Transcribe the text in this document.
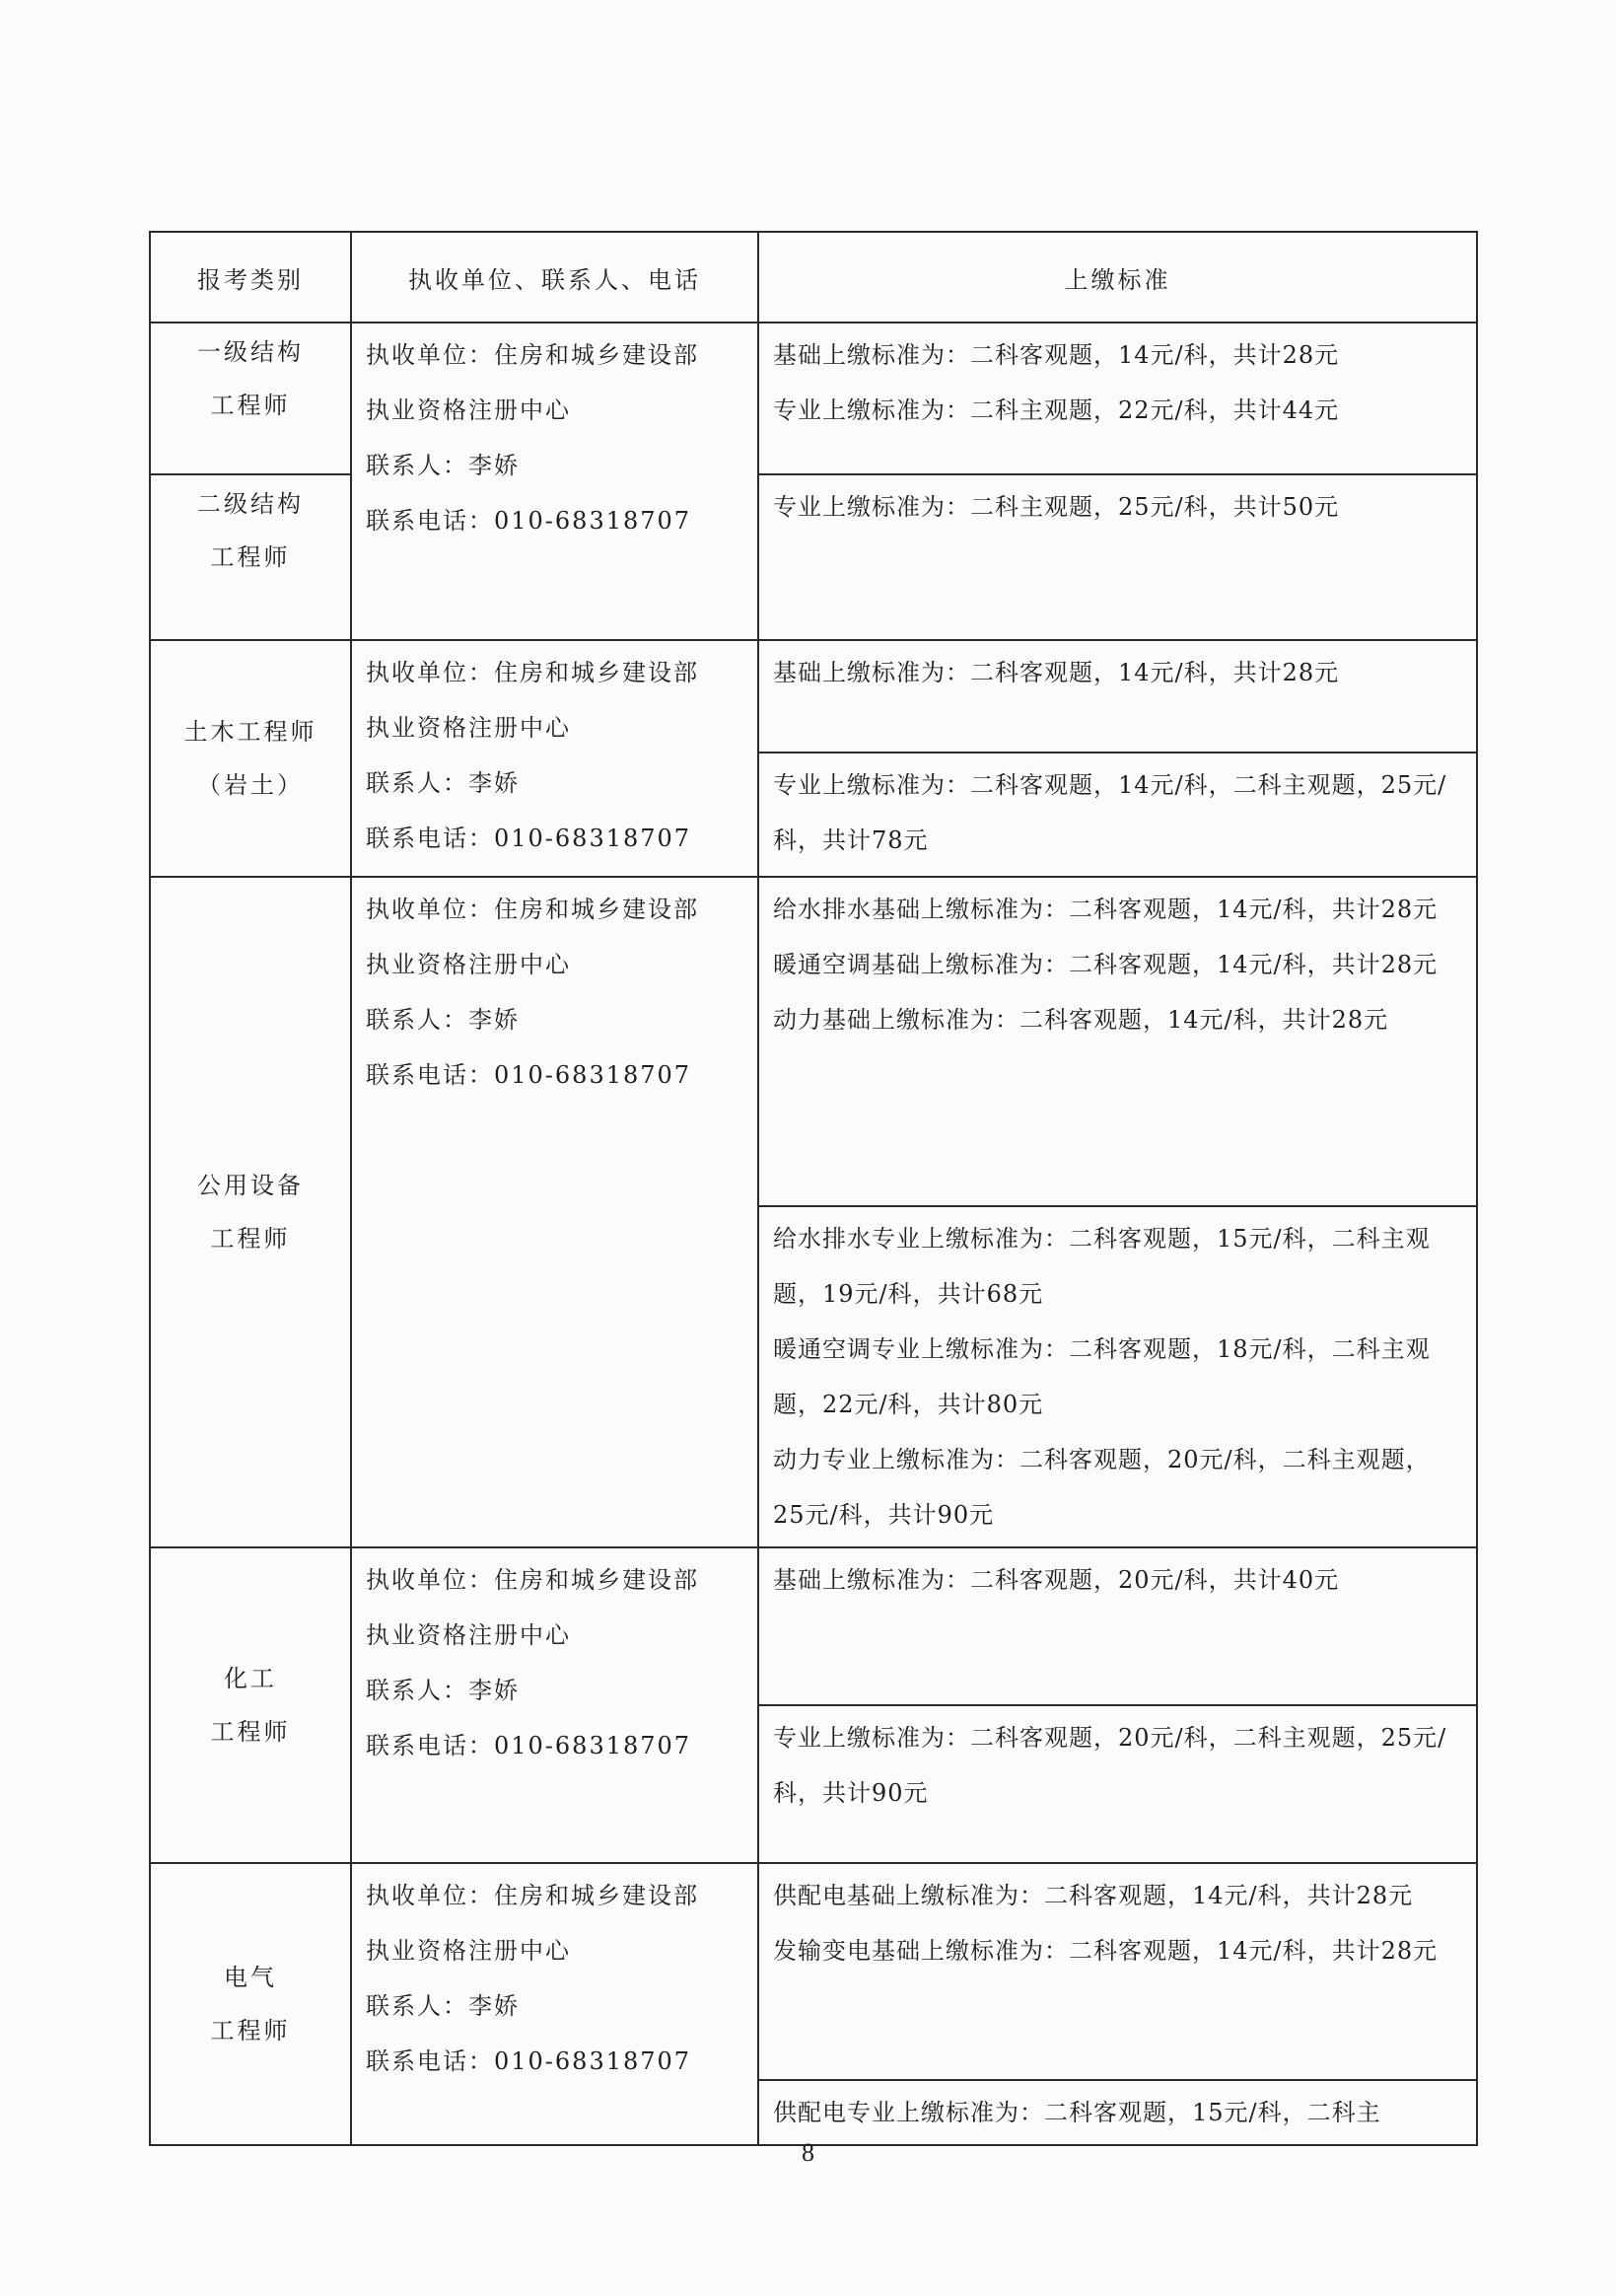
报考类别	执收单位、联系人、电话	上缴标准

一级结构
工程师	执收单位：住房和城乡建设部
执业资格注册中心
联系人：李娇
联系电话：010-68318707	基础上缴标准为：二科客观题，14元/科，共计28元
专业上缴标准为：二科主观题，22元/科，共计44元

二级结构
工程师		专业上缴标准为：二科主观题，25元/科，共计50元

土木工程师
（岩土）	执收单位：住房和城乡建设部
执业资格注册中心
联系人：李娇
联系电话：010-68318707	基础上缴标准为：二科客观题，14元/科，共计28元

		专业上缴标准为：二科客观题，14元/科，二科主观题，25元/科，共计78元

公用设备
工程师	执收单位：住房和城乡建设部
执业资格注册中心
联系人：李娇
联系电话：010-68318707	给水排水基础上缴标准为：二科客观题，14元/科，共计28元
暖通空调基础上缴标准为：二科客观题，14元/科，共计28元
动力基础上缴标准为：二科客观题，14元/科，共计28元

		给水排水专业上缴标准为：二科客观题，15元/科，二科主观题，19元/科，共计68元
暖通空调专业上缴标准为：二科客观题，18元/科，二科主观题，22元/科，共计80元
动力专业上缴标准为：二科客观题，20元/科，二科主观题，25元/科，共计90元

化工
工程师	执收单位：住房和城乡建设部
执业资格注册中心
联系人：李娇
联系电话：010-68318707	基础上缴标准为：二科客观题，20元/科，共计40元

		专业上缴标准为：二科客观题，20元/科，二科主观题，25元/科，共计90元

电气
工程师	执收单位：住房和城乡建设部
执业资格注册中心
联系人：李娇
联系电话：010-68318707	供配电基础上缴标准为：二科客观题，14元/科，共计28元
发输变电基础上缴标准为：二科客观题，14元/科，共计28元

		供配电专业上缴标准为：二科客观题，15元/科，二科主
8
